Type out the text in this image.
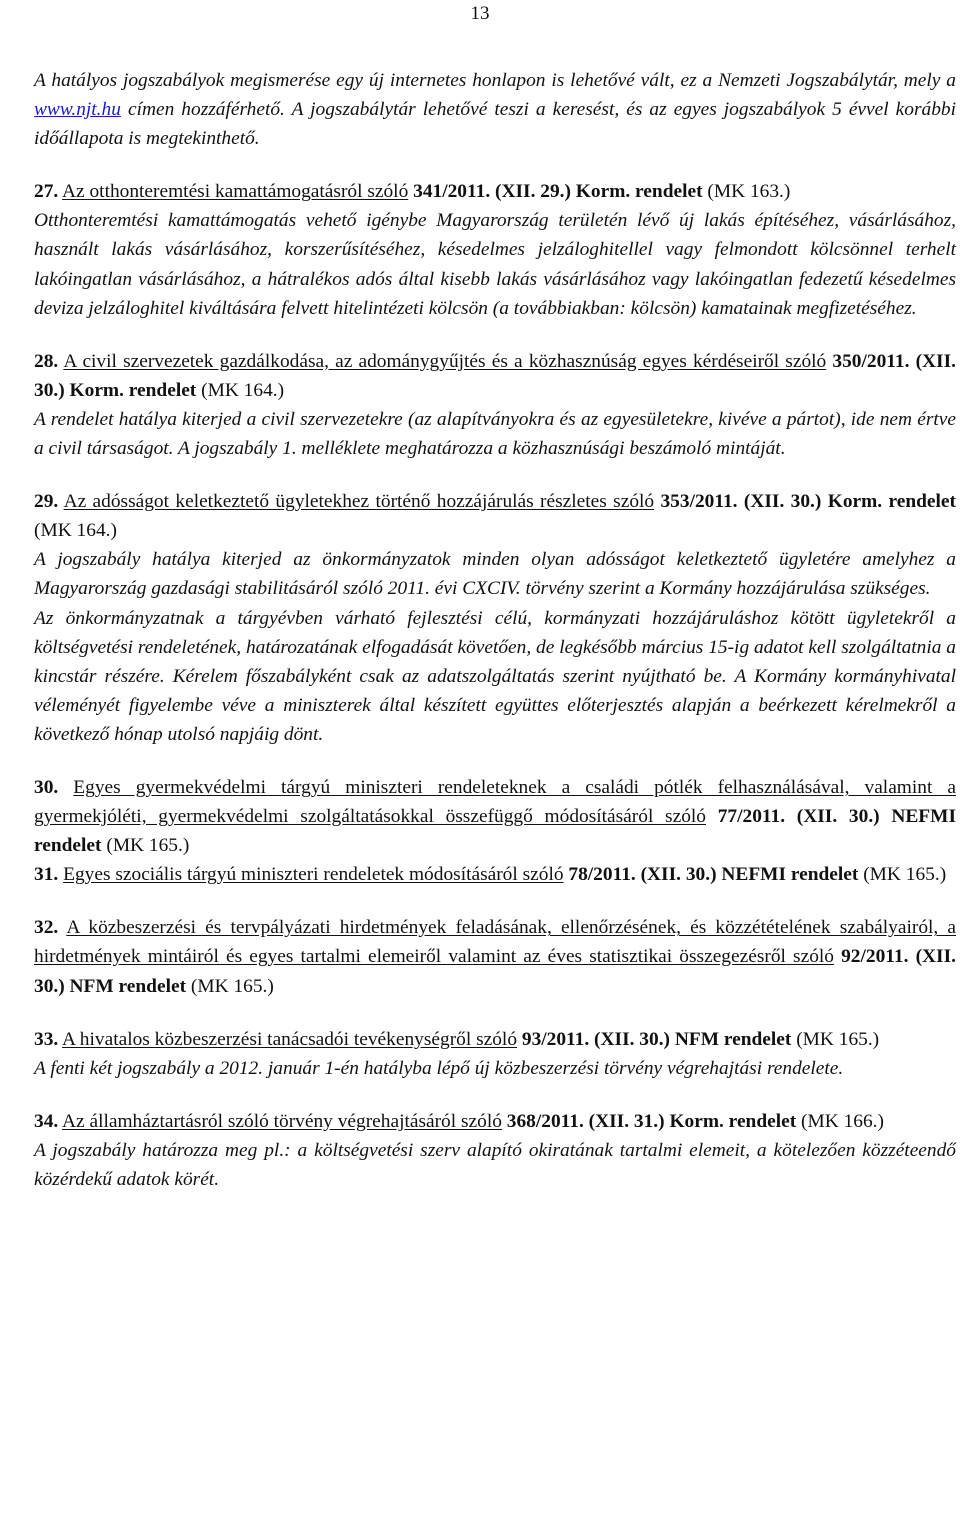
13

A hatályos jogszabályok megismerése egy új internetes honlapon is lehetővé vált, ez a Nemzeti Jogszabálytár, mely a www.njt.hu címen hozzáférhető. A jogszabálytár lehetővé teszi a keresést, és az egyes jogszabályok 5 évvel korábbi időállapota is megtekinthető.

27. Az otthonteremtési kamattámogatásról szóló 341/2011. (XII. 29.) Korm. rendelet (MK 163.)

Otthonteremtési kamattámogatás vehető igénybe Magyarország területén lévő új lakás építéséhez, vásárlásához, használt lakás vásárlásához, korszerűsítéséhez, késedelmes jelzáloghitellel vagy felmondott kölcsönnel terhelt lakóingatlan vásárlásához, a hátralékos adós által kisebb lakás vásárlásához vagy lakóingatlan fedezetű késedelmes deviza jelzáloghitel kiváltására felvett hitelintézeti kölcsön (a továbbiakban: kölcsön) kamatainak megfizetéséhez.

28. A civil szervezetek gazdálkodása, az adománygyűjtés és a közhasznúság egyes kérdéseiről szóló 350/2011. (XII. 30.) Korm. rendelet (MK 164.)

A rendelet hatálya kiterjed a civil szervezetekre (az alapítványokra és az egyesületekre, kivéve a pártot), ide nem értve a civil társaságot. A jogszabály 1. melléklete meghatározza a közhasznúsági beszámoló mintáját.

29. Az adósságot keletkeztető ügyletekhez történő hozzájárulás részletes szóló 353/2011. (XII. 30.) Korm. rendelet (MK 164.)

A jogszabály hatálya kiterjed az önkormányzatok minden olyan adósságot keletkeztető ügyletére amelyhez a Magyarország gazdasági stabilitásáról szóló 2011. évi CXCIV. törvény szerint a Kormány hozzájárulása szükséges.

Az önkormányzatnak a tárgyévben várható fejlesztési célú, kormányzati hozzájáruláshoz kötött ügyletekről a költségvetési rendeletének, határozatának elfogadását követően, de legkésőbb március 15-ig adatot kell szolgáltatnia a kincstár részére. Kérelem főszabályként csak az adatszolgáltatás szerint nyújtható be. A Kormány kormányhivatal véleményét figyelembe véve a miniszterek által készített együttes előterjesztés alapján a beérkezett kérelmekről a következő hónap utolsó napjáig dönt.

30. Egyes gyermekvédelmi tárgyú miniszteri rendeleteknek a családi pótlék felhasználásával, valamint a gyermekjóléti, gyermekvédelmi szolgáltatásokkal összefüggő módosításáról szóló 77/2011. (XII. 30.) NEFMI rendelet (MK 165.)

31. Egyes szociális tárgyú miniszteri rendeletek módosításáról szóló 78/2011. (XII. 30.) NEFMI rendelet (MK 165.)

32. A közbeszerzési és tervpályázati hirdetmények feladásának, ellenőrzésének, és közzétételének szabályairól, a hirdetmények mintáiról és egyes tartalmi elemeiről valamint az éves statisztikai összegezésről szóló 92/2011. (XII. 30.) NFM rendelet (MK 165.)

33. A hivatalos közbeszerzési tanácsadói tevékenységről szóló 93/2011. (XII. 30.) NFM rendelet (MK 165.)

A fenti két jogszabály a 2012. január 1-én hatályba lépő új közbeszerzési törvény végrehajtási rendelete.

34. Az államháztartásról szóló törvény végrehajtásáról szóló 368/2011. (XII. 31.) Korm. rendelet (MK 166.)

A jogszabály határozza meg pl.: a költségvetési szerv alapító okiratának tartalmi elemeit, a kötelezően közzéteendő közérdekű adatok körét.
